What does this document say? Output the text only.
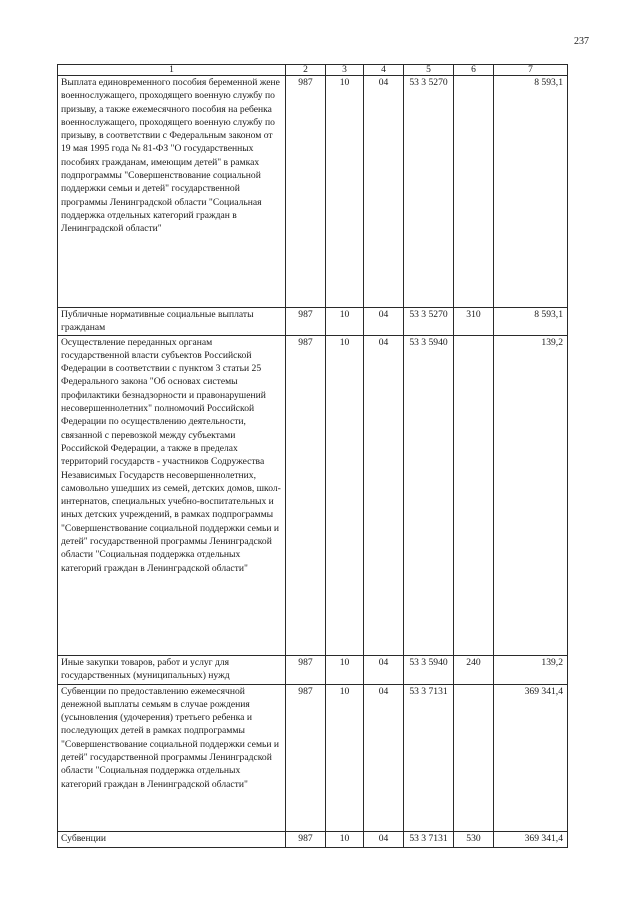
237
1	2	3	4	5	6	7
Выплата единовременного пособия беременной жене военнослужащего, проходящего военную службу по призыву, а также ежемесячного пособия на ребенка военнослужащего, проходящего военную службу по призыву, в соответствии с Федеральным законом от 19 мая 1995 года № 81-ФЗ "О государственных пособиях гражданам, имеющим детей" в рамках подпрограммы "Совершенствование социальной поддержки семьи и детей" государственной программы Ленинградской области "Социальная поддержка отдельных категорий граждан в Ленинградской области"	987	10	04	53 3 5270		8 593,1
Публичные нормативные социальные выплаты гражданам	987	10	04	53 3 5270	310	8 593,1
Осуществление переданных органам государственной власти субъектов Российской Федерации в соответствии с пунктом 3 статьи 25 Федерального закона "Об основах системы профилактики безнадзорности и правонарушений несовершеннолетних" полномочий Российской Федерации по осуществлению деятельности, связанной с перевозкой между субъектами Российской Федерации, а также в пределах территорий государств - участников Содружества Независимых Государств несовершеннолетних, самовольно ушедших из семей, детских домов, школ-интернатов, специальных учебно-воспитательных и иных детских учреждений, в рамках подпрограммы "Совершенствование социальной поддержки семьи и детей" государственной программы Ленинградской области "Социальная поддержка отдельных категорий граждан в Ленинградской области"	987	10	04	53 3 5940		139,2
Иные закупки товаров, работ и услуг для государственных (муниципальных) нужд	987	10	04	53 3 5940	240	139,2
Субвенции по предоставлению ежемесячной денежной выплаты семьям в случае рождения (усыновления (удочерения) третьего ребенка и последующих детей в рамках подпрограммы "Совершенствование социальной поддержки семьи и детей" государственной программы Ленинградской области "Социальная поддержка отдельных категорий граждан в Ленинградской области"	987	10	04	53 3 7131		369 341,4
Субвенции	987	10	04	53 3 7131	530	369 341,4
